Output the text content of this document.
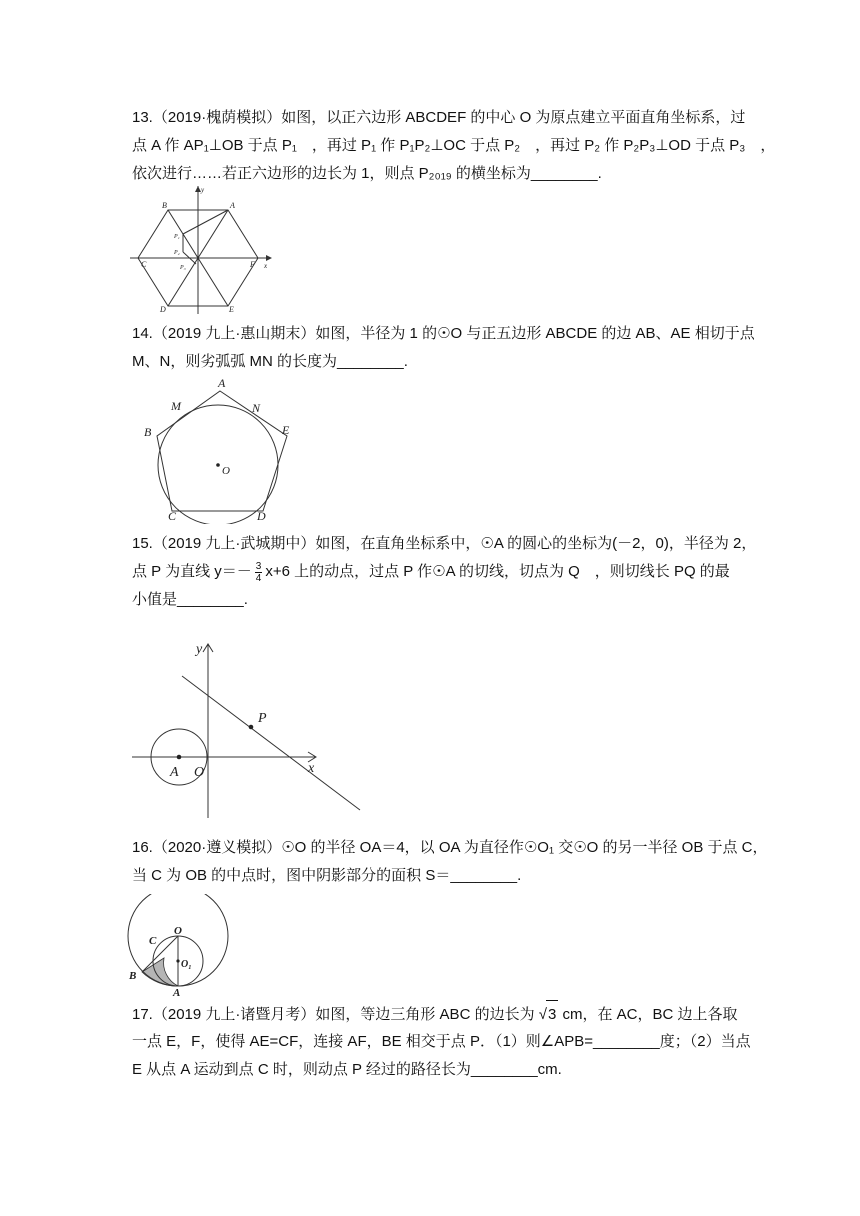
13.（2019·槐荫模拟）如图，以正六边形 ABCDEF 的中心 O 为原点建立平面直角坐标系，过
点 A 作 AP₁⊥OB 于点 P₁　，再过 P₁ 作 P₁P₂⊥OC 于点 P₂　，再过 P₂ 作 P₂P₃⊥OD 于点 P₃　，
依次进行……若正六边形的边长为 1，则点 P₂₀₁₉ 的横坐标为________.
B	A
C	F
D	E
x
y
P₁
P₂
P₃
14.（2019 九上·惠山期末）如图，半径为 1 的☉O 与正五边形 ABCDE 的边 AB、AE 相切于点
M、N，则劣弧弧 MN 的长度为________.
A
B	E
M	N
O
C	D
15.（2019 九上·武城期中）如图，在直角坐标系中，☉A 的圆心的坐标为(－2，0)，半径为 2，
点 P 为直线 $y=- \frac{3}{4} x+6$ 上的动点，过点 P 作☉A 的切线，切点为 Q　，则切线长 PQ 的最
小值是________.
y
x
P
A O
16.（2020·遵义模拟）☉O 的半径 OA＝4，以 OA 为直径作☉O₁ 交☉O 的另一半径 OB 于点 C，
当 C 为 OB 的中点时，图中阴影部分的面积 S＝________.
C
O
B
O₁
A
17.（2019 九上·诸暨月考）如图，等边三角形 ABC 的边长为 √3 cm，在 AC，BC 边上各取
一点 E，F，使得 AE=CF，连接 AF，BE 相交于点 P．（1）则∠APB=________度；（2）当点
E 从点 A 运动到点 C 时，则动点 P 经过的路径长为________cm.
